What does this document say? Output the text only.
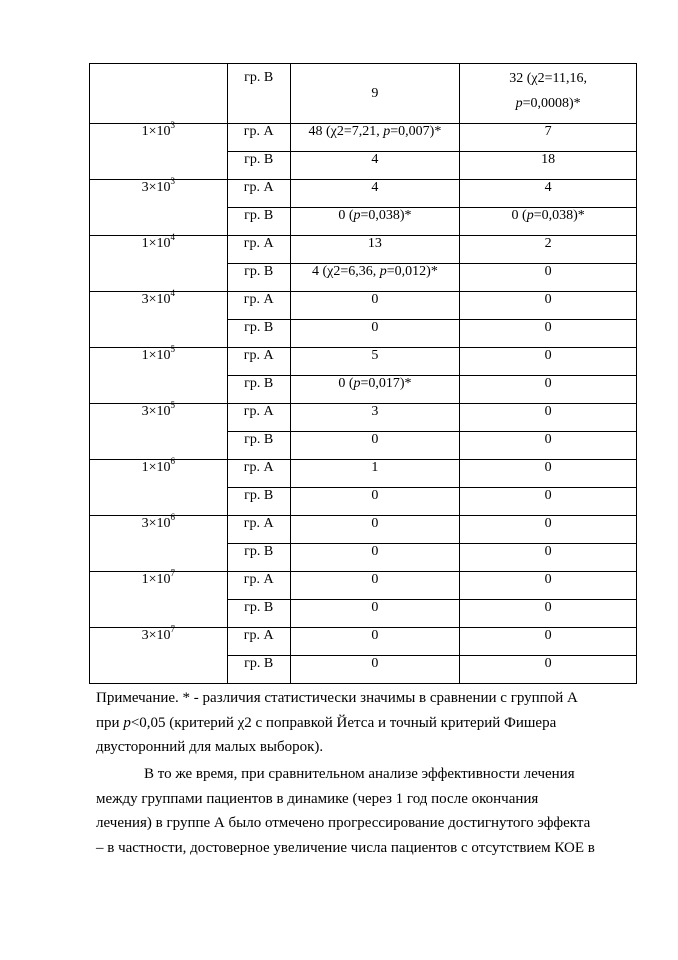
	гр. В	9	32 (χ2=11,16,
p=0,0008)*
$1\times 10^3$	гр. А	48 (χ2=7,21, p=0,007)*	7
	гр. В	4	18
$3\times 10^3$	гр. А	4	4
	гр. В	0 (p=0,038)*	0 (p=0,038)*
$1\times 10^4$	гр. А	13	2
	гр. В	4 (χ2=6,36, p=0,012)*	0
$3\times 10^4$	гр. А	0	0
	гр. В	0	0
$1\times 10^5$	гр. А	5	0
	гр. В	0 (p=0,017)*	0
$3\times 10^5$	гр. А	3	0
	гр. В	0	0
$1\times 10^6$	гр. А	1	0
	гр. В	0	0
$3\times 10^6$	гр. А	0	0
	гр. В	0	0
$1\times 10^7$	гр. А	0	0
	гр. В	0	0
$3\times 10^7$	гр. А	0	0
	гр. В	0	0
Примечание. * - различия статистически значимы в сравнении с группой А
при p<0,05 (критерий χ2 с поправкой Йетса и точный критерий Фишера
двусторонний для малых выборок).
В то же время, при сравнительном анализе эффективности лечения
между группами пациентов в динамике (через 1 год после окончания
лечения) в группе А было отмечено прогрессирование достигнутого эффекта
– в частности, достоверное увеличение числа пациентов с отсутствием КОЕ в
